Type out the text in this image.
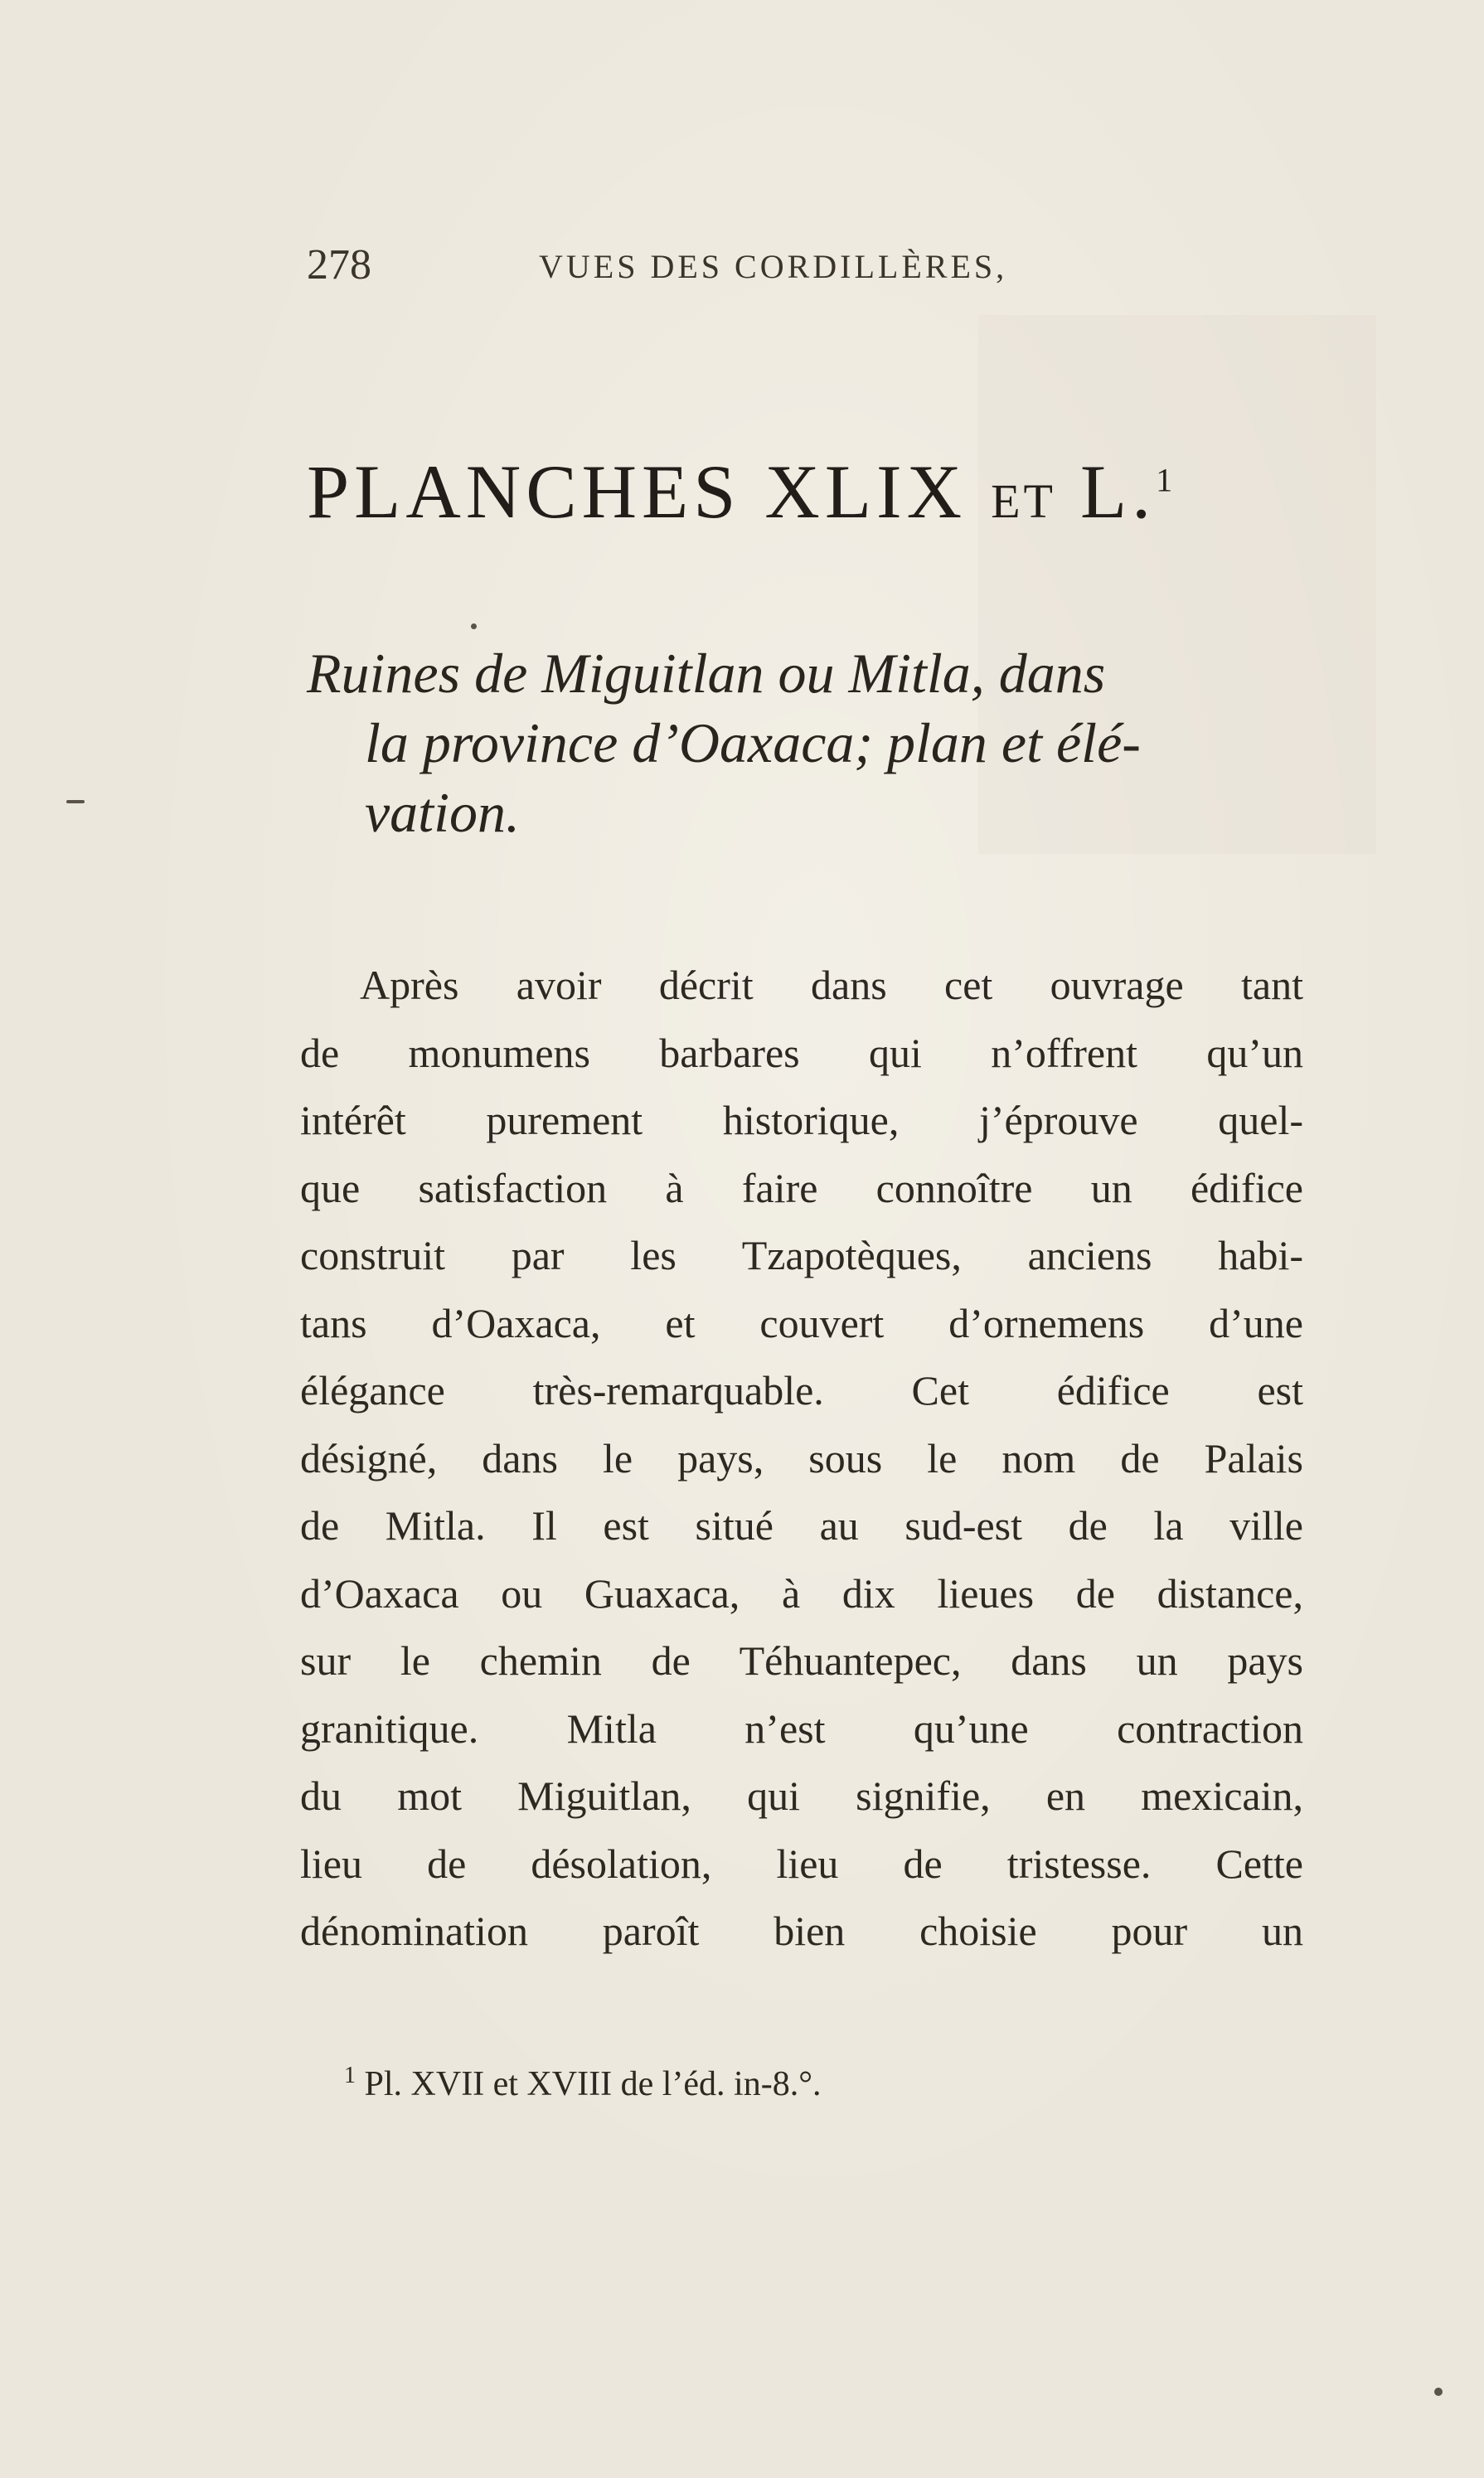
278	VUES DES CORDILLÈRES,
PLANCHES XLIX ET L.$^1$
Ruines de Miguitlan ou Mitla, dans
la province d’Oaxaca; plan et élé-
vation.
Après avoir décrit dans cet ouvrage tant
de monumens barbares qui n’offrent qu’un
intérêt purement historique, j’éprouve quel-
que satisfaction à faire connoître un édifice
construit par les Tzapotèques, anciens habi-
tans d’Oaxaca, et couvert d’ornemens d’une
élégance très-remarquable. Cet édifice est
désigné, dans le pays, sous le nom de Palais
de Mitla. Il est situé au sud-est de la ville
d’Oaxaca ou Guaxaca, à dix lieues de distance,
sur le chemin de Téhuantepec, dans un pays
granitique. Mitla n’est qu’une contraction
du mot Miguitlan, qui signifie, en mexicain,
lieu de désolation, lieu de tristesse. Cette
dénomination paroît bien choisie pour un
$^1$ Pl. XVII et XVIII de l’éd. in-8.°.
